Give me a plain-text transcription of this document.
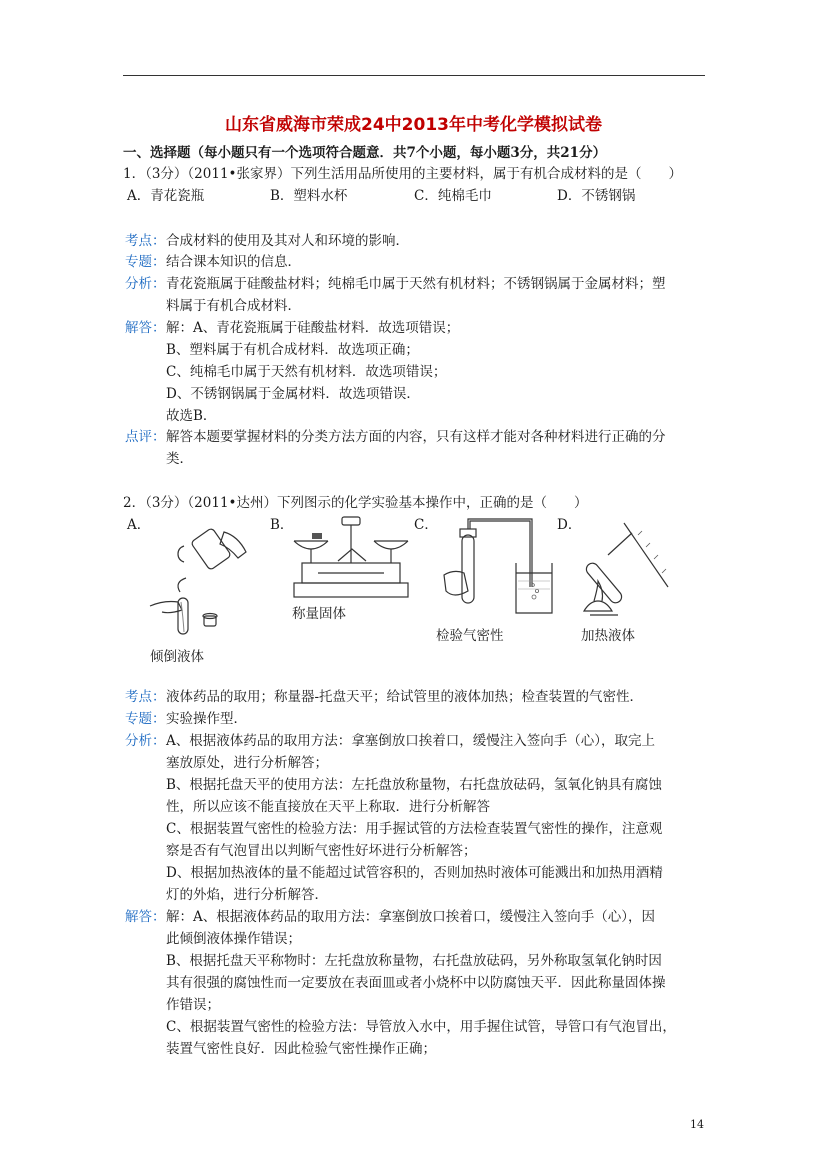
山东省威海市荣成24中2013年中考化学模拟试卷
一、选择题（每小题只有一个选项符合题意．共7个小题，每小题3分，共21分）
1．（3分）（2011•张家界）下列生活用品所使用的主要材料，属于有机合成材料的是（　　）
A．青花瓷瓶	B．塑料水杯	C．纯棉毛巾	D．不锈钢锅
考点： 合成材料的使用及其对人和环境的影响．
专题： 结合课本知识的信息．
分析： 青花瓷瓶属于硅酸盐材料；纯棉毛巾属于天然有机材料；不锈钢锅属于金属材料；塑
料属于有机合成材料．
解答： 解：A、青花瓷瓶属于硅酸盐材料．故选项错误；
B、塑料属于有机合成材料．故选项正确；
C、纯棉毛巾属于天然有机材料．故选项错误；
D、不锈钢锅属于金属材料．故选项错误．
故选B．
点评： 解答本题要掌握材料的分类方法方面的内容，只有这样才能对各种材料进行正确的分
类．
2．（3分）（2011•达州）下列图示的化学实验基本操作中，正确的是（　　）
A．	B．	C．	D．
倾倒液体
称量固体
检验气密性	加热液体
考点： 液体药品的取用；称量器-托盘天平；给试管里的液体加热；检查装置的气密性．
专题： 实验操作型．
分析： A、根据液体药品的取用方法：拿塞倒放口挨着口，缓慢注入签向手（心），取完上
塞放原处，进行分析解答；
B、根据托盘天平的使用方法：左托盘放称量物，右托盘放砝码，氢氧化钠具有腐蚀
性，所以应该不能直接放在天平上称取．进行分析解答
C、根据装置气密性的检验方法：用手握试管的方法检查装置气密性的操作，注意观
察是否有气泡冒出以判断气密性好坏进行分析解答；
D、根据加热液体的量不能超过试管容积的，否则加热时液体可能溅出和加热用酒精
灯的外焰，进行分析解答．
解答： 解：A、根据液体药品的取用方法：拿塞倒放口挨着口，缓慢注入签向手（心），因
此倾倒液体操作错误；
B、根据托盘天平称物时：左托盘放称量物，右托盘放砝码，另外称取氢氧化钠时因
其有很强的腐蚀性而一定要放在表面皿或者小烧杯中以防腐蚀天平．因此称量固体操
作错误；
C、根据装置气密性的检验方法：导管放入水中，用手握住试管，导管口有气泡冒出，
装置气密性良好．因此检验气密性操作正确；
14
